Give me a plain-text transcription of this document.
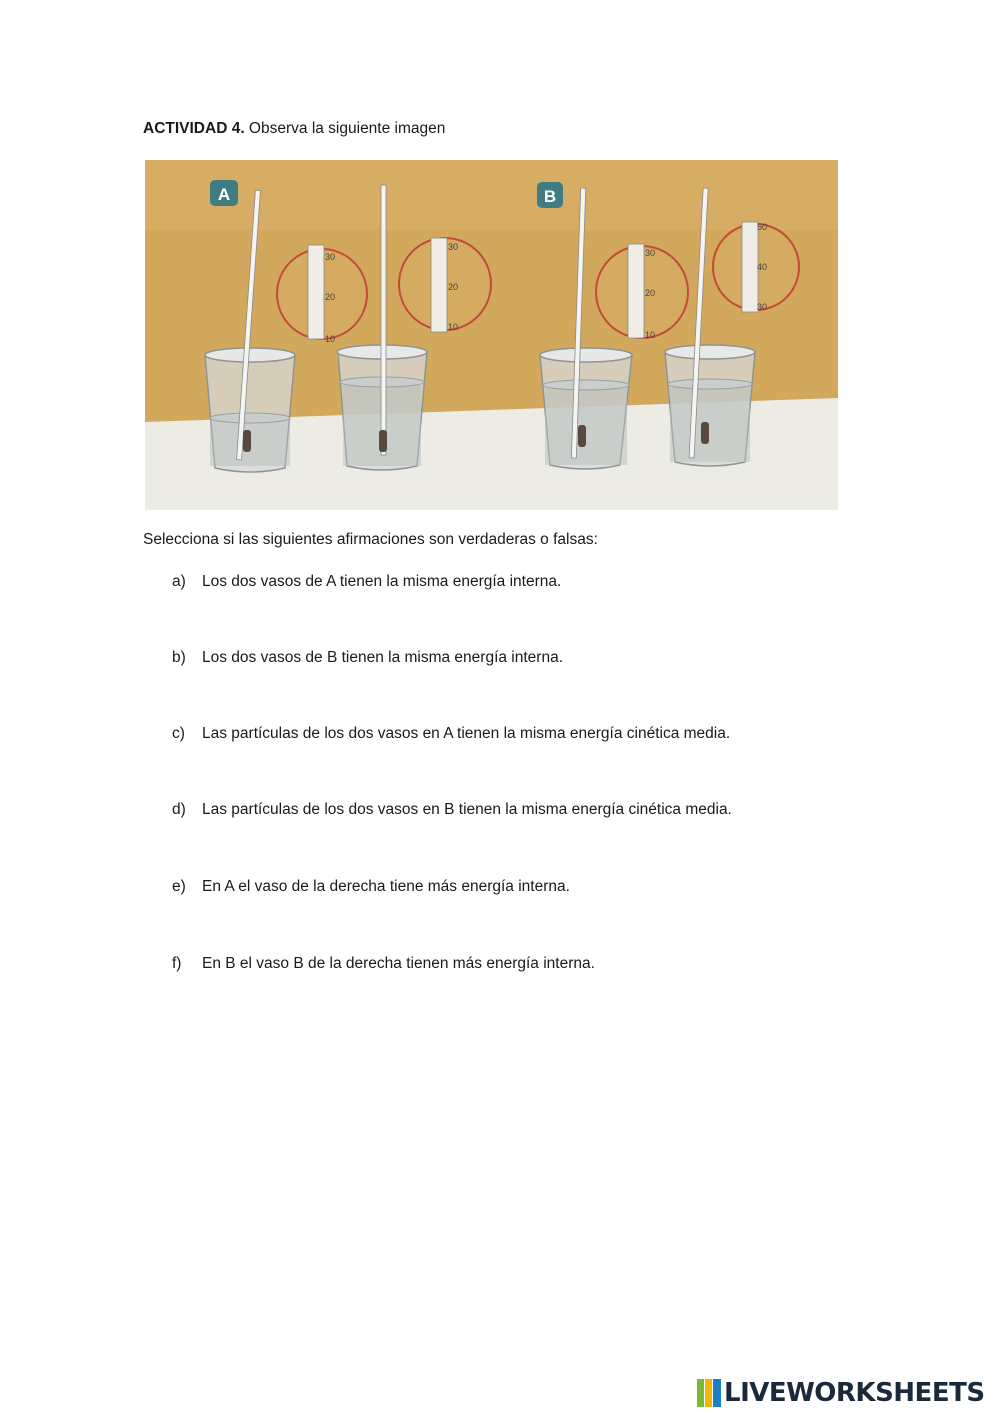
ACTIVIDAD 4. Observa la siguiente imagen
A	B
30
20
10
30
20
10
30
20
10
50
40
30
Selecciona si las siguientes afirmaciones son verdaderas o falsas:
a)	Los dos vasos de A tienen la misma energía interna.
b)	Los dos vasos de B tienen la misma energía interna.
c)	Las partículas de los dos vasos en A tienen la misma energía cinética media.
d)	Las partículas de los dos vasos en B tienen la misma energía cinética media.
e)	En A el vaso de la derecha tiene más energía interna.
f)	En B el vaso B de la derecha tienen más energía interna.
LIVEWORKSHEETS
